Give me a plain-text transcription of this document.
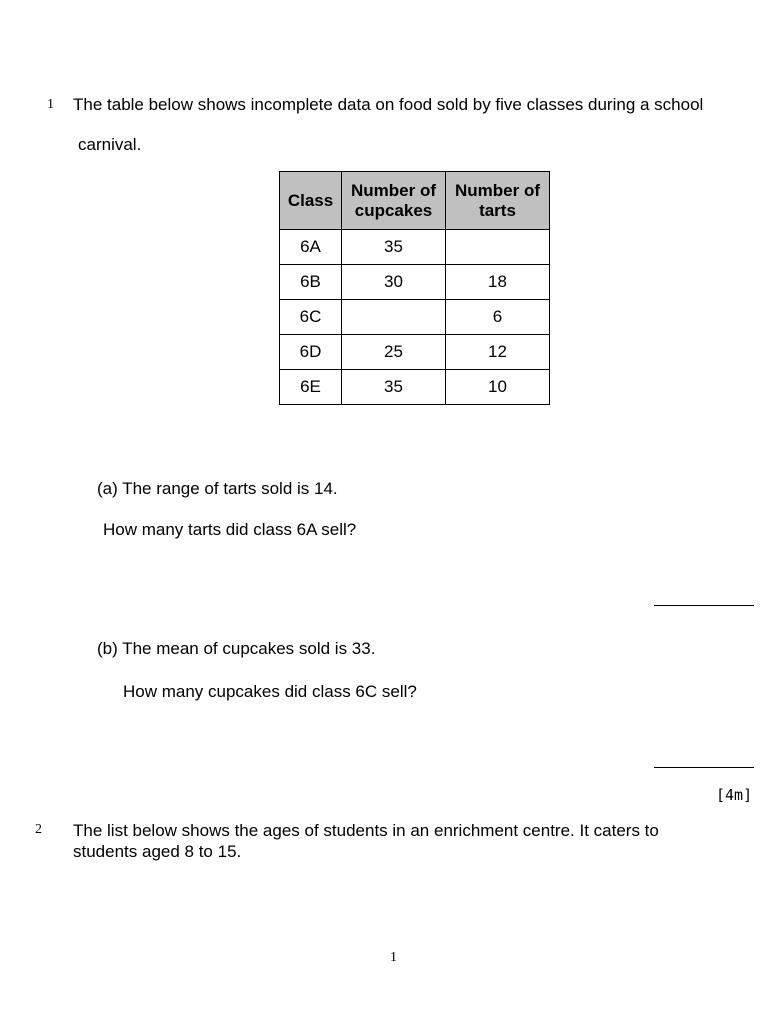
1 The table below shows incomplete data on food sold by five classes during a school
carnival.
Class	Number of cupcakes	Number of tarts
6A	35	
6B	30	18
6C		6
6D	25	12
6E	35	10
(a) The range of tarts sold is 14.
How many tarts did class 6A sell?
(b) The mean of cupcakes sold is 33.
How many cupcakes did class 6C sell?
[4m]
2 The list below shows the ages of students in an enrichment centre. It caters to
students aged 8 to 15.
1
